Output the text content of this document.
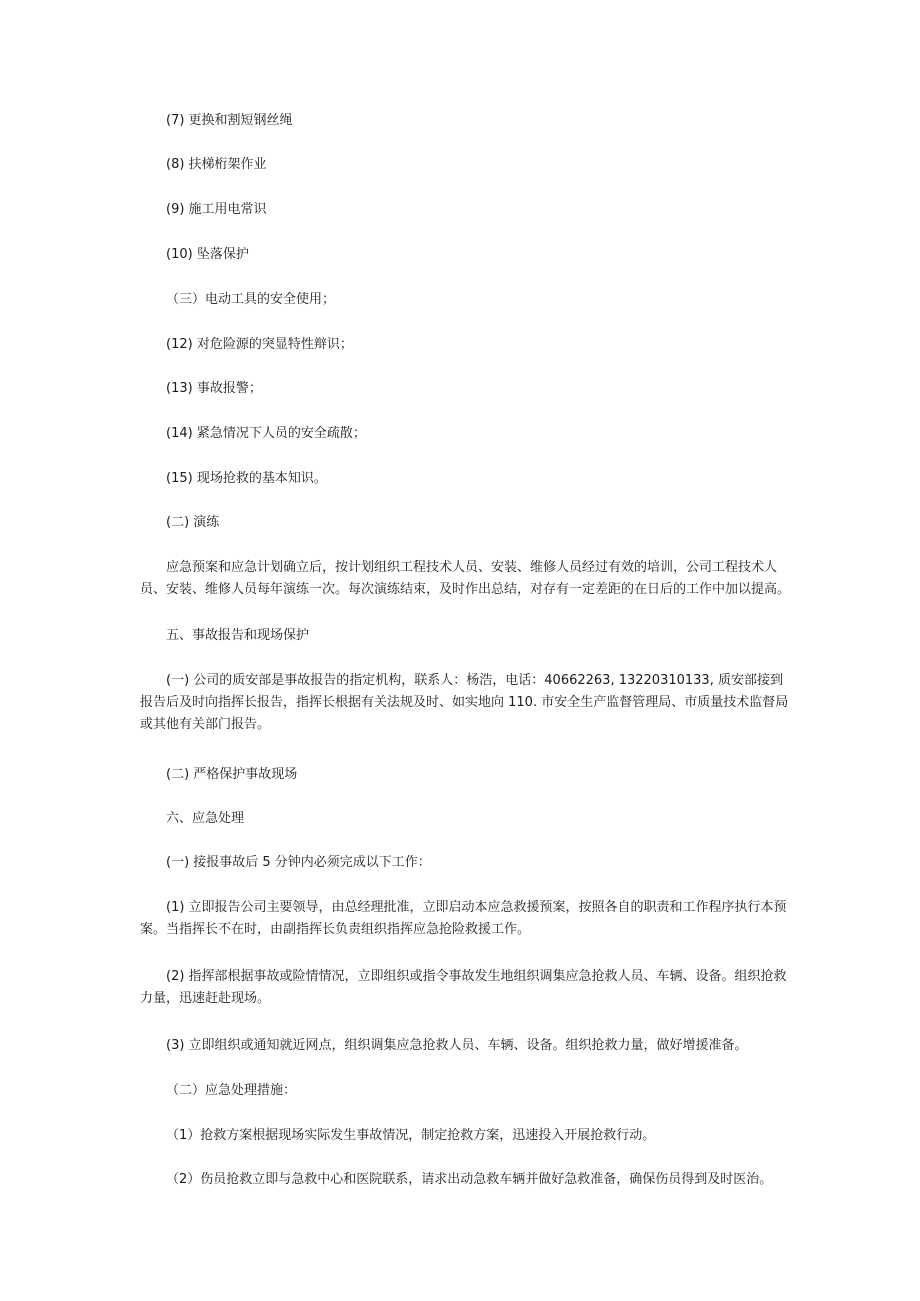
(7) 更换和割短钢丝绳

(8) 扶梯桁架作业

(9) 施工用电常识

(10) 坠落保护

（三）电动工具的安全使用；

(12) 对危险源的突显特性辩识；

(13) 事故报警；

(14) 紧急情况下人员的安全疏散；

(15) 现场抢救的基本知识。

(二) 演练

应急预案和应急计划确立后，按计划组织工程技术人员、安装、维修人员经过有效的培训，公司工程技术人员、安装、维修人员每年演练一次。每次演练结束，及时作出总结，对存有一定差距的在日后的工作中加以提高。

五、事故报告和现场保护

(一) 公司的质安部是事故报告的指定机构，联系人：杨浩，电话：40662263, 13220310133, 质安部接到报告后及时向指挥长报告，指挥长根据有关法规及时、如实地向 110. 市安全生产监督管理局、市质量技术监督局或其他有关部门报告。

(二) 严格保护事故现场

六、应急处理

(一) 接报事故后 5 分钟内必须完成以下工作：

(1) 立即报告公司主要领导，由总经理批准，立即启动本应急救援预案，按照各自的职责和工作程序执行本预案。当指挥长不在时，由副指挥长负责组织指挥应急抢险救援工作。

(2) 指挥部根据事故或险情情况，立即组织或指令事故发生地组织调集应急抢救人员、车辆、设备。组织抢救力量，迅速赶赴现场。

(3) 立即组织或通知就近网点，组织调集应急抢救人员、车辆、设备。组织抢救力量，做好增援准备。

（二）应急处理措施：

（1）抢救方案根据现场实际发生事故情况，制定抢救方案，迅速投入开展抢救行动。

（2）伤员抢救立即与急救中心和医院联系，请求出动急救车辆并做好急救准备，确保伤员得到及时医治。
